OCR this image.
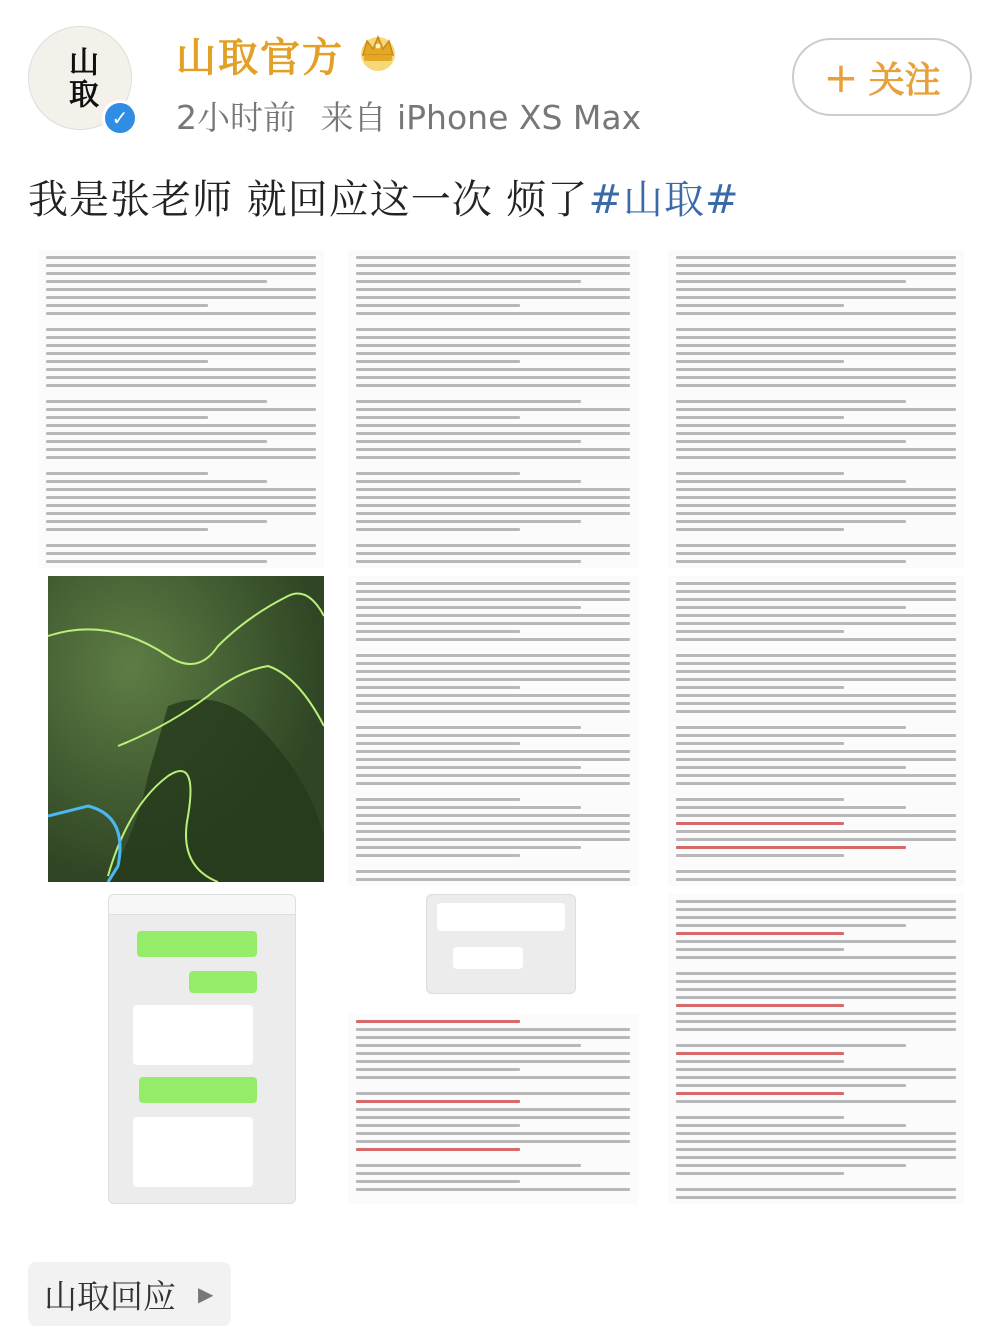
山取
✓
山取官方
2小时前 来自 iPhone XS Max
+ 关注
我是张老师 就回应这一次 烦了#山取#
山取回应 ▶
